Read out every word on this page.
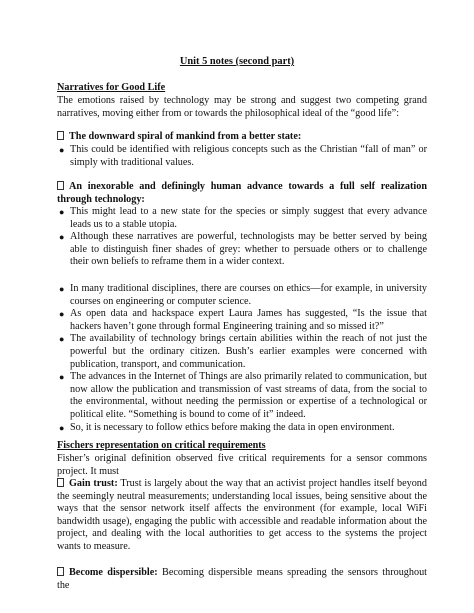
Unit 5 notes (second part)
Narratives for Good Life
The emotions raised by technology may be strong and suggest two competing grand narratives, moving either from or towards the philosophical ideal of the “good life”:
The downward spiral of mankind from a better state:
● This could be identified with religious concepts such as the Christian “fall of man” or simply with traditional values.
An inexorable and definingly human advance towards a full self realization through technology:
● This might lead to a new state for the species or simply suggest that every advance leads us to a stable utopia.
● Although these narratives are powerful, technologists may be better served by being able to distinguish finer shades of grey: whether to persuade others or to challenge their own beliefs to reframe them in a wider context.
● In many traditional disciplines, there are courses on ethics—for example, in university courses on engineering or computer science.
● As open data and hackspace expert Laura James has suggested, “Is the issue that hackers haven’t gone through formal Engineering training and so missed it?”
● The availability of technology brings certain abilities within the reach of not just the powerful but the ordinary citizen. Bush’s earlier examples were concerned with publication, transport, and communication.
● The advances in the Internet of Things are also primarily related to communication, but now allow the publication and transmission of vast streams of data, from the social to the environmental, without needing the permission or expertise of a technological or political elite. “Something is bound to come of it” indeed.
● So, it is necessary to follow ethics before making the data in open environment.
Fischers representation on critical requirements
Fisher’s original definition observed five critical requirements for a sensor commons project. It must
Gain trust: Trust is largely about the way that an activist project handles itself beyond the seemingly neutral measurements; understanding local issues, being sensitive about the ways that the sensor network itself affects the environment (for example, local WiFi bandwidth usage), engaging the public with accessible and readable information about the project, and dealing with the local authorities to get access to the systems the project wants to measure.
Become dispersible: Becoming dispersible means spreading the sensors throughout the
